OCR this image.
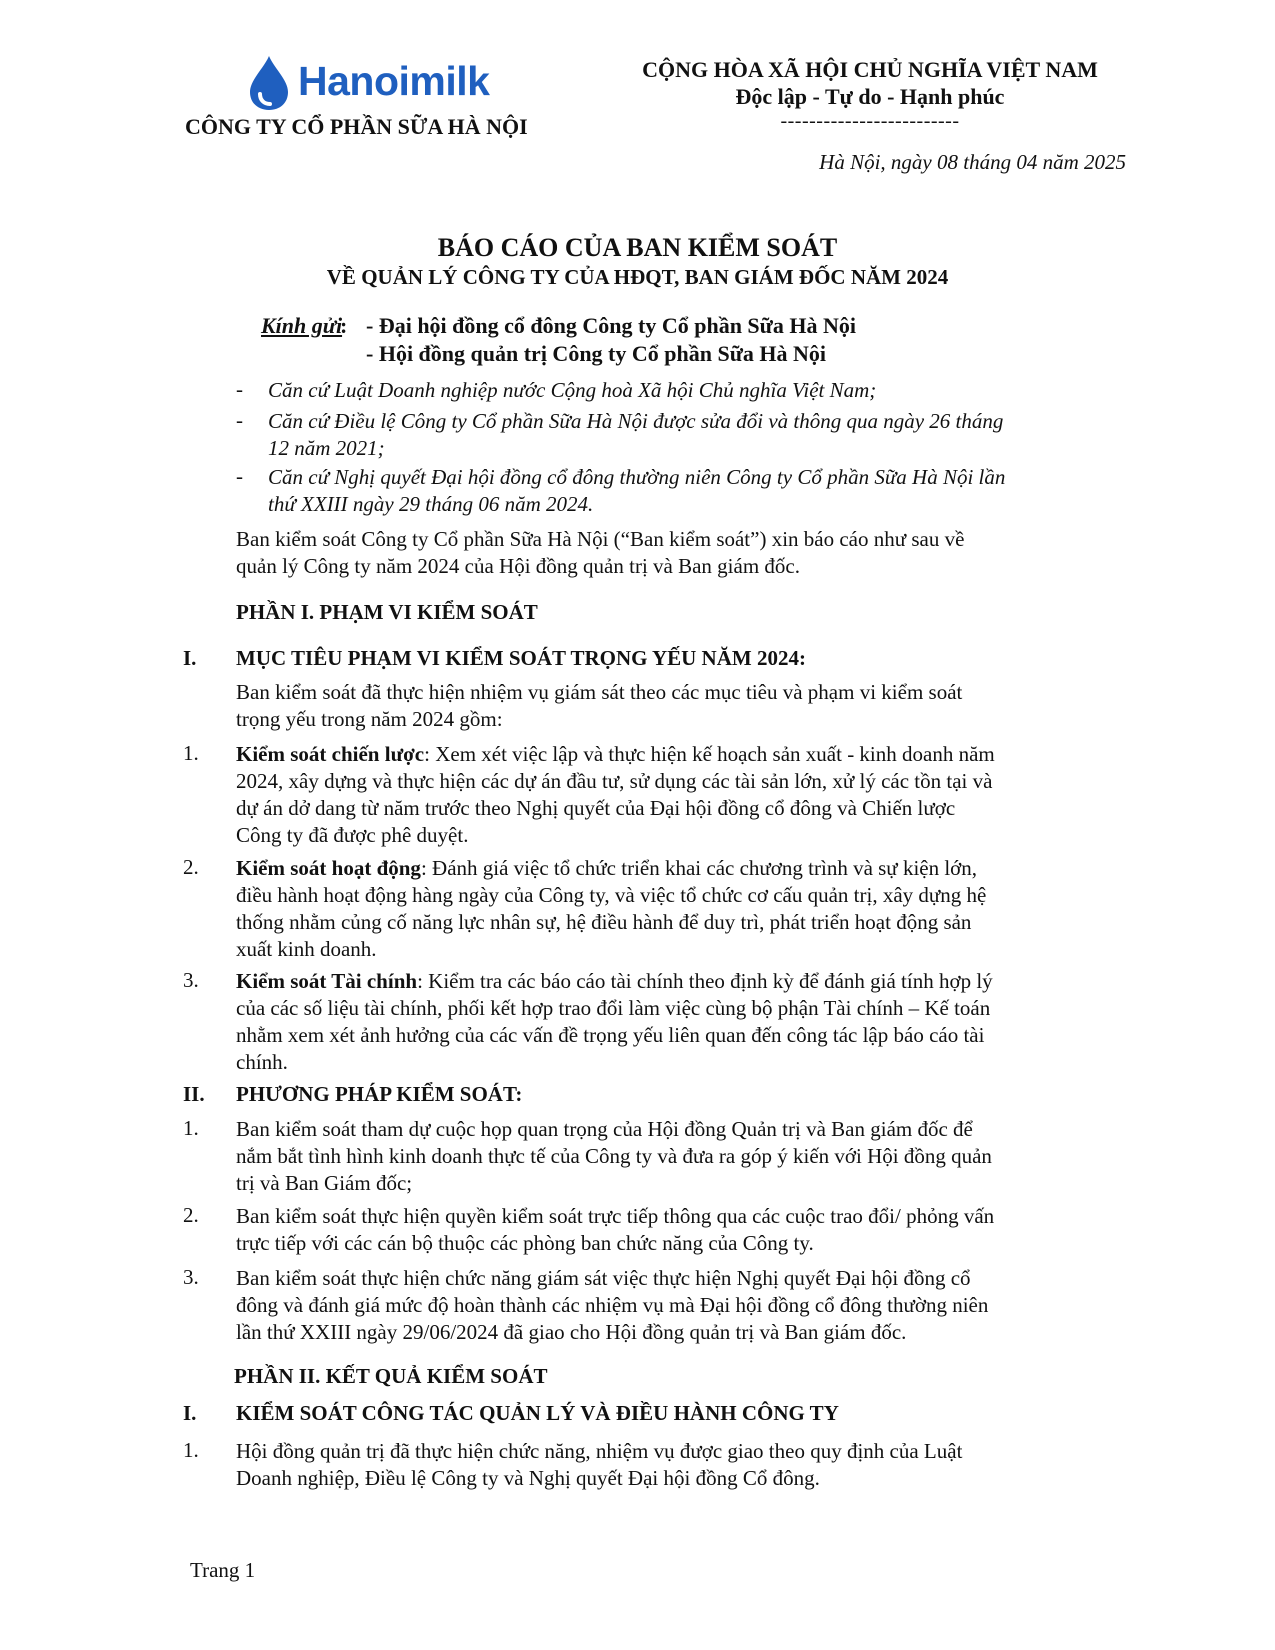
Hanoimilk
CÔNG TY CỔ PHẦN SỮA HÀ NỘI
CỘNG HÒA XÃ HỘI CHỦ NGHĨA VIỆT NAM
Độc lập - Tự do - Hạnh phúc
-------------------------
Hà Nội, ngày 08 tháng 04 năm 2025
BÁO CÁO CỦA BAN KIỂM SOÁT
VỀ QUẢN LÝ CÔNG TY CỦA HĐQT, BAN GIÁM ĐỐC NĂM 2024
Kính gửi
: - Đại hội đồng cổ đông Công ty Cổ phần Sữa Hà Nội
- Hội đồng quản trị Công ty Cổ phần Sữa Hà Nội
- Căn cứ Luật Doanh nghiệp nước Cộng hoà Xã hội Chủ nghĩa Việt Nam;
- Căn cứ Điều lệ Công ty Cổ phần Sữa Hà Nội được sửa đổi và thông qua ngày 26 tháng
12 năm 2021;
- Căn cứ Nghị quyết Đại hội đồng cổ đông thường niên Công ty Cổ phần Sữa Hà Nội lần
thứ XXIII ngày 29 tháng 06 năm 2024.
Ban kiểm soát Công ty Cổ phần Sữa Hà Nội (“Ban kiểm soát”) xin báo cáo như sau về
quản lý Công ty năm 2024 của Hội đồng quản trị và Ban giám đốc.
PHẦN I. PHẠM VI KIỂM SOÁT
I. MỤC TIÊU PHẠM VI KIỂM SOÁT TRỌNG YẾU NĂM 2024:
Ban kiểm soát đã thực hiện nhiệm vụ giám sát theo các mục tiêu và phạm vi kiểm soát
trọng yếu trong năm 2024 gồm:
1. Kiểm soát chiến lược: Xem xét việc lập và thực hiện kế hoạch sản xuất - kinh doanh năm
2024, xây dựng và thực hiện các dự án đầu tư, sử dụng các tài sản lớn, xử lý các tồn tại và
dự án dở dang từ năm trước theo Nghị quyết của Đại hội đồng cổ đông và Chiến lược
Công ty đã được phê duyệt.
2. Kiểm soát hoạt động: Đánh giá việc tổ chức triển khai các chương trình và sự kiện lớn,
điều hành hoạt động hàng ngày của Công ty, và việc tổ chức cơ cấu quản trị, xây dựng hệ
thống nhằm củng cố năng lực nhân sự, hệ điều hành để duy trì, phát triển hoạt động sản
xuất kinh doanh.
3. Kiểm soát Tài chính: Kiểm tra các báo cáo tài chính theo định kỳ để đánh giá tính hợp lý
của các số liệu tài chính, phối kết hợp trao đổi làm việc cùng bộ phận Tài chính – Kế toán
nhằm xem xét ảnh hưởng của các vấn đề trọng yếu liên quan đến công tác lập báo cáo tài
chính.
II. PHƯƠNG PHÁP KIỂM SOÁT:
1. Ban kiểm soát tham dự cuộc họp quan trọng của Hội đồng Quản trị và Ban giám đốc để
nắm bắt tình hình kinh doanh thực tế của Công ty và đưa ra góp ý kiến với Hội đồng quản
trị và Ban Giám đốc;
2. Ban kiểm soát thực hiện quyền kiểm soát trực tiếp thông qua các cuộc trao đổi/ phỏng vấn
trực tiếp với các cán bộ thuộc các phòng ban chức năng của Công ty.
3. Ban kiểm soát thực hiện chức năng giám sát việc thực hiện Nghị quyết Đại hội đồng cổ
đông và đánh giá mức độ hoàn thành các nhiệm vụ mà Đại hội đồng cổ đông thường niên
lần thứ XXIII ngày 29/06/2024 đã giao cho Hội đồng quản trị và Ban giám đốc.
PHẦN II. KẾT QUẢ KIỂM SOÁT
I. KIỂM SOÁT CÔNG TÁC QUẢN LÝ VÀ ĐIỀU HÀNH CÔNG TY
1. Hội đồng quản trị đã thực hiện chức năng, nhiệm vụ được giao theo quy định của Luật
Doanh nghiệp, Điều lệ Công ty và Nghị quyết Đại hội đồng Cổ đông.
Trang 1
